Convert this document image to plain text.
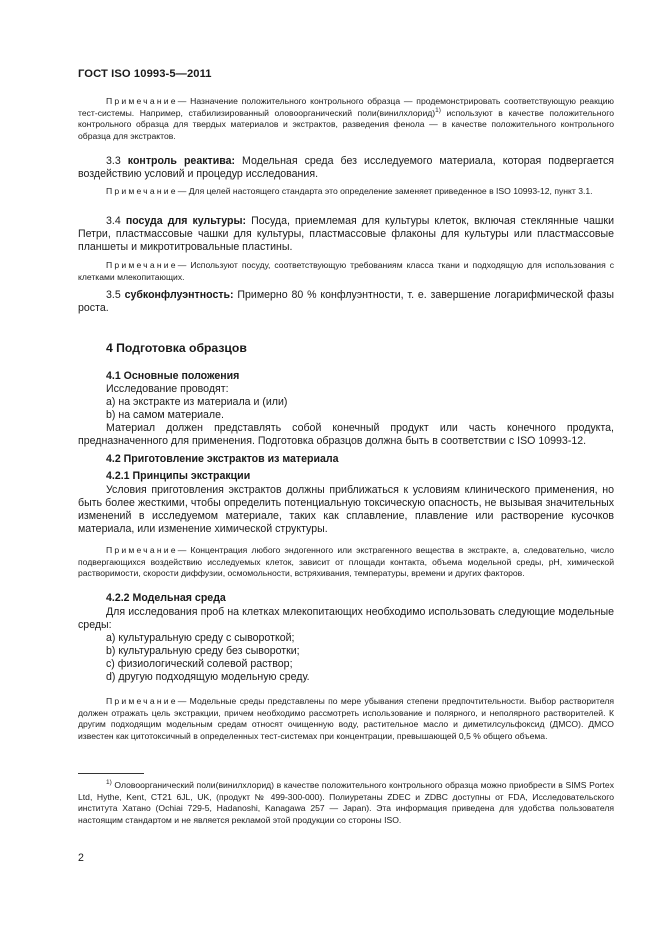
ГОСТ ISO 10993-5—2011

Примечание— Назначение положительного контрольного образца — продемонстрировать соответствующую реакцию тест-системы. Например, стабилизированный оловоорганический поли(винилхлорид)$^{1)}$ используют в качестве положительного контрольного образца для твердых материалов и экстрактов, разведения фенола — в качестве положительного контрольного образца для экстрактов.

3.3 контроль реактива: Модельная среда без исследуемого материала, которая подвергается воздействию условий и процедур исследования.

Примечание— Для целей настоящего стандарта это определение заменяет приведенное в ISO 10993-12, пункт 3.1.

3.4 посуда для культуры: Посуда, приемлемая для культуры клеток, включая стеклянные чашки Петри, пластмассовые чашки для культуры, пластмассовые флаконы для культуры или пластмассовые планшеты и микротитровальные пластины.

Примечание— Используют посуду, соответствующую требованиям класса ткани и подходящую для использования с клетками млекопитающих.

3.5 субконфлуэнтность: Примерно 80 % конфлуэнтности, т. е. завершение логарифмической фазы роста.

4 Подготовка образцов

4.1 Основные положения

Исследование проводят:

a) на экстракте из материала и (или)

b) на самом материале.

Материал должен представлять собой конечный продукт или часть конечного продукта, предназначенного для применения. Подготовка образцов должна быть в соответствии с ISO 10993-12.

4.2 Приготовление экстрактов из материала

4.2.1 Принципы экстракции

Условия приготовления экстрактов должны приближаться к условиям клинического применения, но быть более жесткими, чтобы определить потенциальную токсическую опасность, не вызывая значительных изменений в исследуемом материале, таких как сплавление, плавление или растворение кусочков материала, или изменение химической структуры.

Примечание— Концентрация любого эндогенного или экстрагенного вещества в экстракте, а, следовательно, число подвергающихся воздействию исследуемых клеток, зависит от площади контакта, объема модельной среды, pH, химической растворимости, скорости диффузии, осмомольности, встряхивания, температуры, времени и других факторов.

4.2.2 Модельная среда

Для исследования проб на клетках млекопитающих необходимо использовать следующие модельные среды:

a) культуральную среду с сывороткой;

b) культуральную среду без сыворотки;

c) физиологический солевой раствор;

d) другую подходящую модельную среду.

Примечание— Модельные среды представлены по мере убывания степени предпочтительности. Выбор растворителя должен отражать цель экстракции, причем необходимо рассмотреть использование и полярного, и неполярного растворителей. К другим подходящим модельным средам относят очищенную воду, растительное масло и диметилсульфоксид (ДМСО). ДМСО известен как цитотоксичный в определенных тест-системах при концентрации, превышающей 0,5 % общего объема.

$^{1)}$ Оловоорганический поли(винилхлорид) в качестве положительного контрольного образца можно приобрести в SIMS Portex Ltd, Hythe, Kent, CT21 6JL, UK, (продукт № 499-300-000). Полиуретаны ZDEC и ZDBC доступны от FDA, Исследовательского института Хатано (Ochiai 729-5, Hadanoshi, Kanagawa 257 — Japan). Эта информация приведена для удобства пользователя настоящим стандартом и не является рекламой этой продукции со стороны ISO.

2
